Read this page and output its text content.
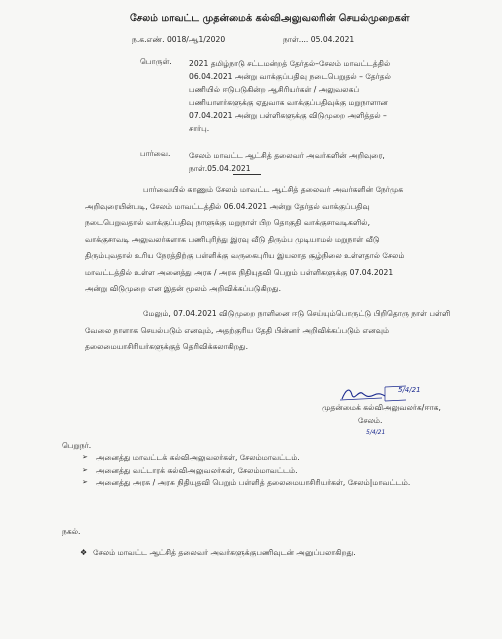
சேலம் மாவட்ட முதன்மைக் கல்விஅலுவலரின் செயல்முறைகள்
ந.க.எண். 0018/ஆ1/2020	நாள்.... 05.04.2021
பொருள். 2021 தமிழ்நாடு சட்டமன்றத் தேர்தல்–சேலம் மாவட்டத்தில்
06.04.2021 அன்று வாக்குப்பதிவு நடைபெறுதல் – தேர்தல்
பணியில் ஈடுபடுகின்ற ஆசிரியர்கள் / அலுவலகப்
பணியாளர்களுக்கு ஏதுவாக வாக்குப்பதிவுக்கு மறுநாளான
07.04.2021 அன்று பள்ளிகளுக்கு விடுமுறை அளித்தல் –
சார்பு.
பார்வை. சேலம் மாவட்ட ஆட்சித் தலைவர் அவர்களின் அறிவுரை,
நாள்.05.04.2021
பார்வையில் காணும் சேலம் மாவட்ட ஆட்சித் தலைவர் அவர்களின் நேர்முக
அறிவுரையின்படி, சேலம் மாவட்டத்தில் 06.04.2021 அன்று தேர்தல் வாக்குப்பதிவு
நடைபெறுவதால் வாக்குப்பதிவு நாளுக்கு மறுநாள் பிற தொகுதி வாக்குசாவடிகளில்,
வாக்குசாவடி அலுவலர்களாக பணிபுரிந்து இரவு வீடு திரும்ப முடியாமல் மறுநாள் வீடு
திரும்புவதால் உரிய நேரத்திற்கு பள்ளிக்கு வருகைபுரிய இயலாத சூழ்நிலை உள்ளதால் சேலம்
மாவட்டத்தில் உள்ள அனைத்து அரசு / அரசு நிதியுதவி பெறும் பள்ளிகளுக்கு 07.04.2021
அன்று விடுமுறை என இதன் மூலம் அறிவிக்கப்படுகிறது.
மேலும், 07.04.2021 விடுமுறை நாளினை ஈடு செய்யும்பொருட்டு பிறிதொரு நாள் பள்ளி
வேலை நாளாக செயல்படும் எனவும், அதற்குரிய தேதி பின்னர் அறிவிக்கப்படும் எனவும்
தலைமையாசிரியர்களுக்குத் தெரிவிக்கலாகிறது.
5/4/21
முதன்மைக் கல்விஅலுவலர்க/ஈாக,
சேலம்.
5/4/21
பெறுநர்.
➢ அனைத்து மாவட்டக் கல்விஅலுவலர்கள், சேலம்மாவட்டம்.
➢ அனைத்து வட்டாரக் கல்விஅலுவலர்கள், சேலம்மாவட்டம்.
➢ அனைத்து அரசு / அரசு நிதியுதவி பெறும் பள்ளித் தலைமையாசிரியர்கள், சேலம்|மாவட்டம்.
நகல்.
❖ சேலம் மாவட்ட ஆட்சித் தலைவர் அவர்களுக்குபணிவுடன் அனுப்பலாகிறது.
